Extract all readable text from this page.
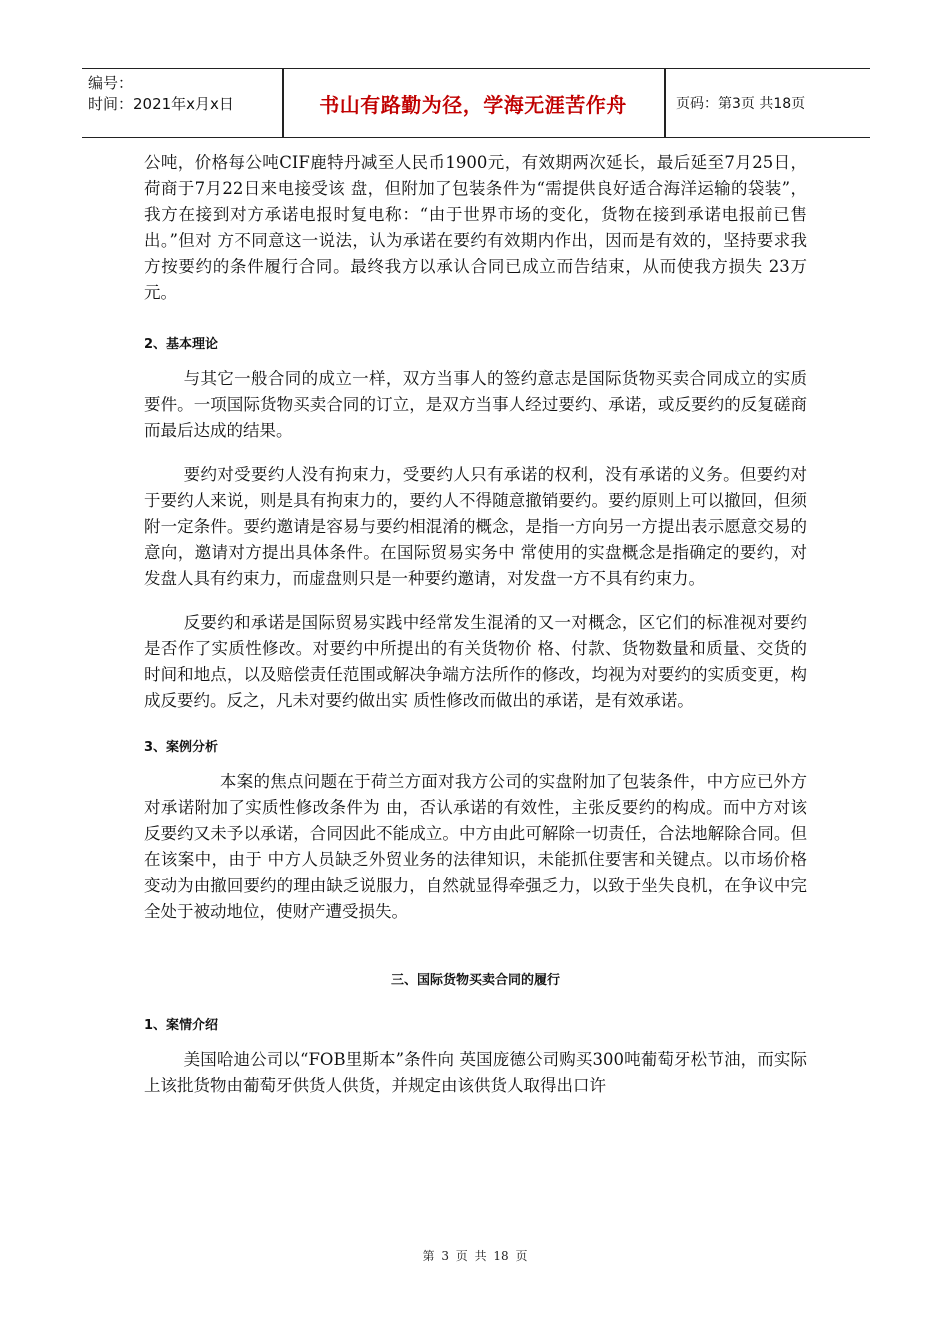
编号：
时间：2021年x月x日	书山有路勤为径，学海无涯苦作舟	页码：第3页 共18页

公吨，价格每公吨CIF鹿特丹减至人民币1900元，有效期两次延长，最后延至7月25日，荷商于7月22日来电接受该 盘，但附加了包装条件为“需提供良好适合海洋运输的袋装”，我方在接到对方承诺电报时复电称：“由于世界市场的变化，货物在接到承诺电报前已售出。”但对 方不同意这一说法，认为承诺在要约有效期内作出，因而是有效的，坚持要求我方按要约的条件履行合同。最终我方以承认合同已成立而告结束，从而使我方损失 23万元。

2、基本理论

与其它一般合同的成立一样，双方当事人的签约意志是国际货物买卖合同成立的实质要件。一项国际货物买卖合同的订立，是双方当事人经过要约、承诺，或反要约的反复磋商而最后达成的结果。

要约对受要约人没有拘束力，受要约人只有承诺的权利，没有承诺的义务。但要约对于要约人来说，则是具有拘束力的，要约人不得随意撤销要约。要约原则上可以撤回，但须附一定条件。要约邀请是容易与要约相混淆的概念，是指一方向另一方提出表示愿意交易的意向，邀请对方提出具体条件。在国际贸易实务中 常使用的实盘概念是指确定的要约，对发盘人具有约束力，而虚盘则只是一种要约邀请，对发盘一方不具有约束力。

反要约和承诺是国际贸易实践中经常发生混淆的又一对概念，区它们的标准视对要约是否作了实质性修改。对要约中所提出的有关货物价 格、付款、货物数量和质量、交货的时间和地点，以及赔偿责任范围或解决争端方法所作的修改，均视为对要约的实质变更，构成反要约。反之，凡未对要约做出实 质性修改而做出的承诺，是有效承诺。

3、案例分析

本案的焦点问题在于荷兰方面对我方公司的实盘附加了包装条件，中方应已外方对承诺附加了实质性修改条件为 由，否认承诺的有效性，主张反要约的构成。而中方对该反要约又未予以承诺，合同因此不能成立。中方由此可解除一切责任，合法地解除合同。但在该案中，由于 中方人员缺乏外贸业务的法律知识，未能抓住要害和关键点。以市场价格变动为由撤回要约的理由缺乏说服力，自然就显得牵强乏力，以致于坐失良机，在争议中完 全处于被动地位，使财产遭受损失。

三、国际货物买卖合同的履行

1、案情介绍

美国哈迪公司以“FOB里斯本”条件向 英国庞德公司购买300吨葡萄牙松节油，而实际上该批货物由葡萄牙供货人供货，并规定由该供货人取得出口许

第 3 页 共 18 页
